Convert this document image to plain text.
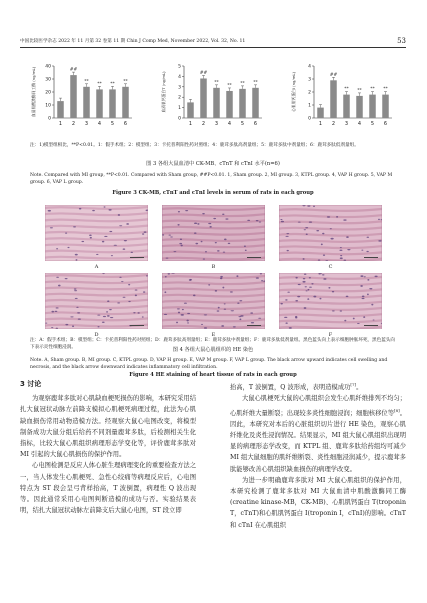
中国比较医学杂志 2022 年 11 月第 32 卷第 11 期 Chin J Comp Med, November 2022, Vol. 32, No. 11	53
0
10
20
30
40
血清肌酸激酶同工酶 (ng/mL)
1
##
2
**
3
**
4
**
5
**
6
0
1
2
3
4
5
血清肌钙蛋白T (ng/mL)
1
##
2
**
3
**
4
**
5
**
6
0
1
2
3
4
心肌肌钙蛋白I (ng/mL)
1
##
2
**
3
**
4
**
5
**
6
注：1)模型组相比，**P<0.01。1：假手术组；2：模型组；3：卡托普利阳性药对照组；4：鹿茸多肽高剂量组；5：鹿茸多肽中剂量组；6：鹿茸多肽低剂量组。
图 3 各组大鼠血清中 CK-MB、cTnT 和 cTnI 水平(n=6)
Note. Compared with MI group, **P<0.01. Compared with Sham group, ##P<0.01. 1, Sham group. 2, MI group. 3, KTPL group. 4, VAP H group. 5, VAP M group. 6, VAP L group.
Figure 3 CK-MB, cTnT and cTnI levels in serum of rats in each group
A	B	C
D	E	F
注：A：假手术组；B：模型组；C：卡托普利阳性药对照组；D：鹿茸多肽高剂量组；E：鹿茸多肽中剂量组；F：鹿茸多肽低剂量组。黑色蓝头向上表示细胞肿胀坏死，黑色蓝头向下表示炎性细胞浸润。	图 4 各组大鼠心肌组织的 HE 染色
Note. A, Sham group. B, MI group. C, KTPL group. D, VAP H group. E, VAP M group. F, VAP L group. The black arrow upward indicates cell swelling and necrosis, and the black arrow downward indicates inflammatory cell infiltration.
Figure 4 HE staining of heart tissue of rats in each group
3 讨论

为观察鹿茸多肽对心肌缺血梗死损伤的影响，本研究采用结扎大鼠冠状动脉左前降支模拟心肌梗死病理过程，此法为心肌缺血损伤常用动物造模方法。经观察大鼠心电图改变，将模型制备成功大鼠分组后给药不同剂量鹿茸多肽，后检测相关生化指标，比较大鼠心肌组织病理形态学变化等，评价鹿茸多肽对 MI 引起的大鼠心肌损伤的保护作用。

心电图检测是反应人体心脏生理病理变化的重要检查方法之一，当人体发生心肌梗死、急性心绞痛等病理反应后，心电图特点为 ST 段会呈弓背样抬高，T 波倒置，病理性 Q 波出现等。因此通常采用心电图判断造模的成功与否。实验结果表明，结扎大鼠冠状动脉左前降支后大鼠心电图，ST 段立即

抬高，T 波倒置，Q 波形成，表明造模成功[7]。

大鼠心肌梗死大鼠的心肌组织会发生心肌纤维排列不均匀；心肌纤维大量断裂；出现较多炎性细胞浸润；细胞核移位等[8]。因此，本研究对本后的心脏组织切片进行 HE 染色，观察心肌纤维化及炎性浸润情况。结果显示，MI 组大鼠心肌组织出现明显的病理形态学改变，而 KTPL 组、鹿茸多肽给药组均可减少 MI 组大鼠细胞的肌纤维断裂、炎性细胞浸润减少，提示鹿茸多肽能够改善心肌组织缺血损伤的病理学改变。

为进一步明确鹿茸多肽对 MI 大鼠心肌组织的保护作用，本研究检测了鹿茸多肽对 MI 大鼠血清中肌酸激酶同工酶(creatine kinase-MB，CK-MB)、心肌肌钙蛋白 T(troponin T，cTnT)和心肌肌钙蛋白 I(troponin I，cTnI)的影响。cTnT 和 cTnI 在心肌组织
